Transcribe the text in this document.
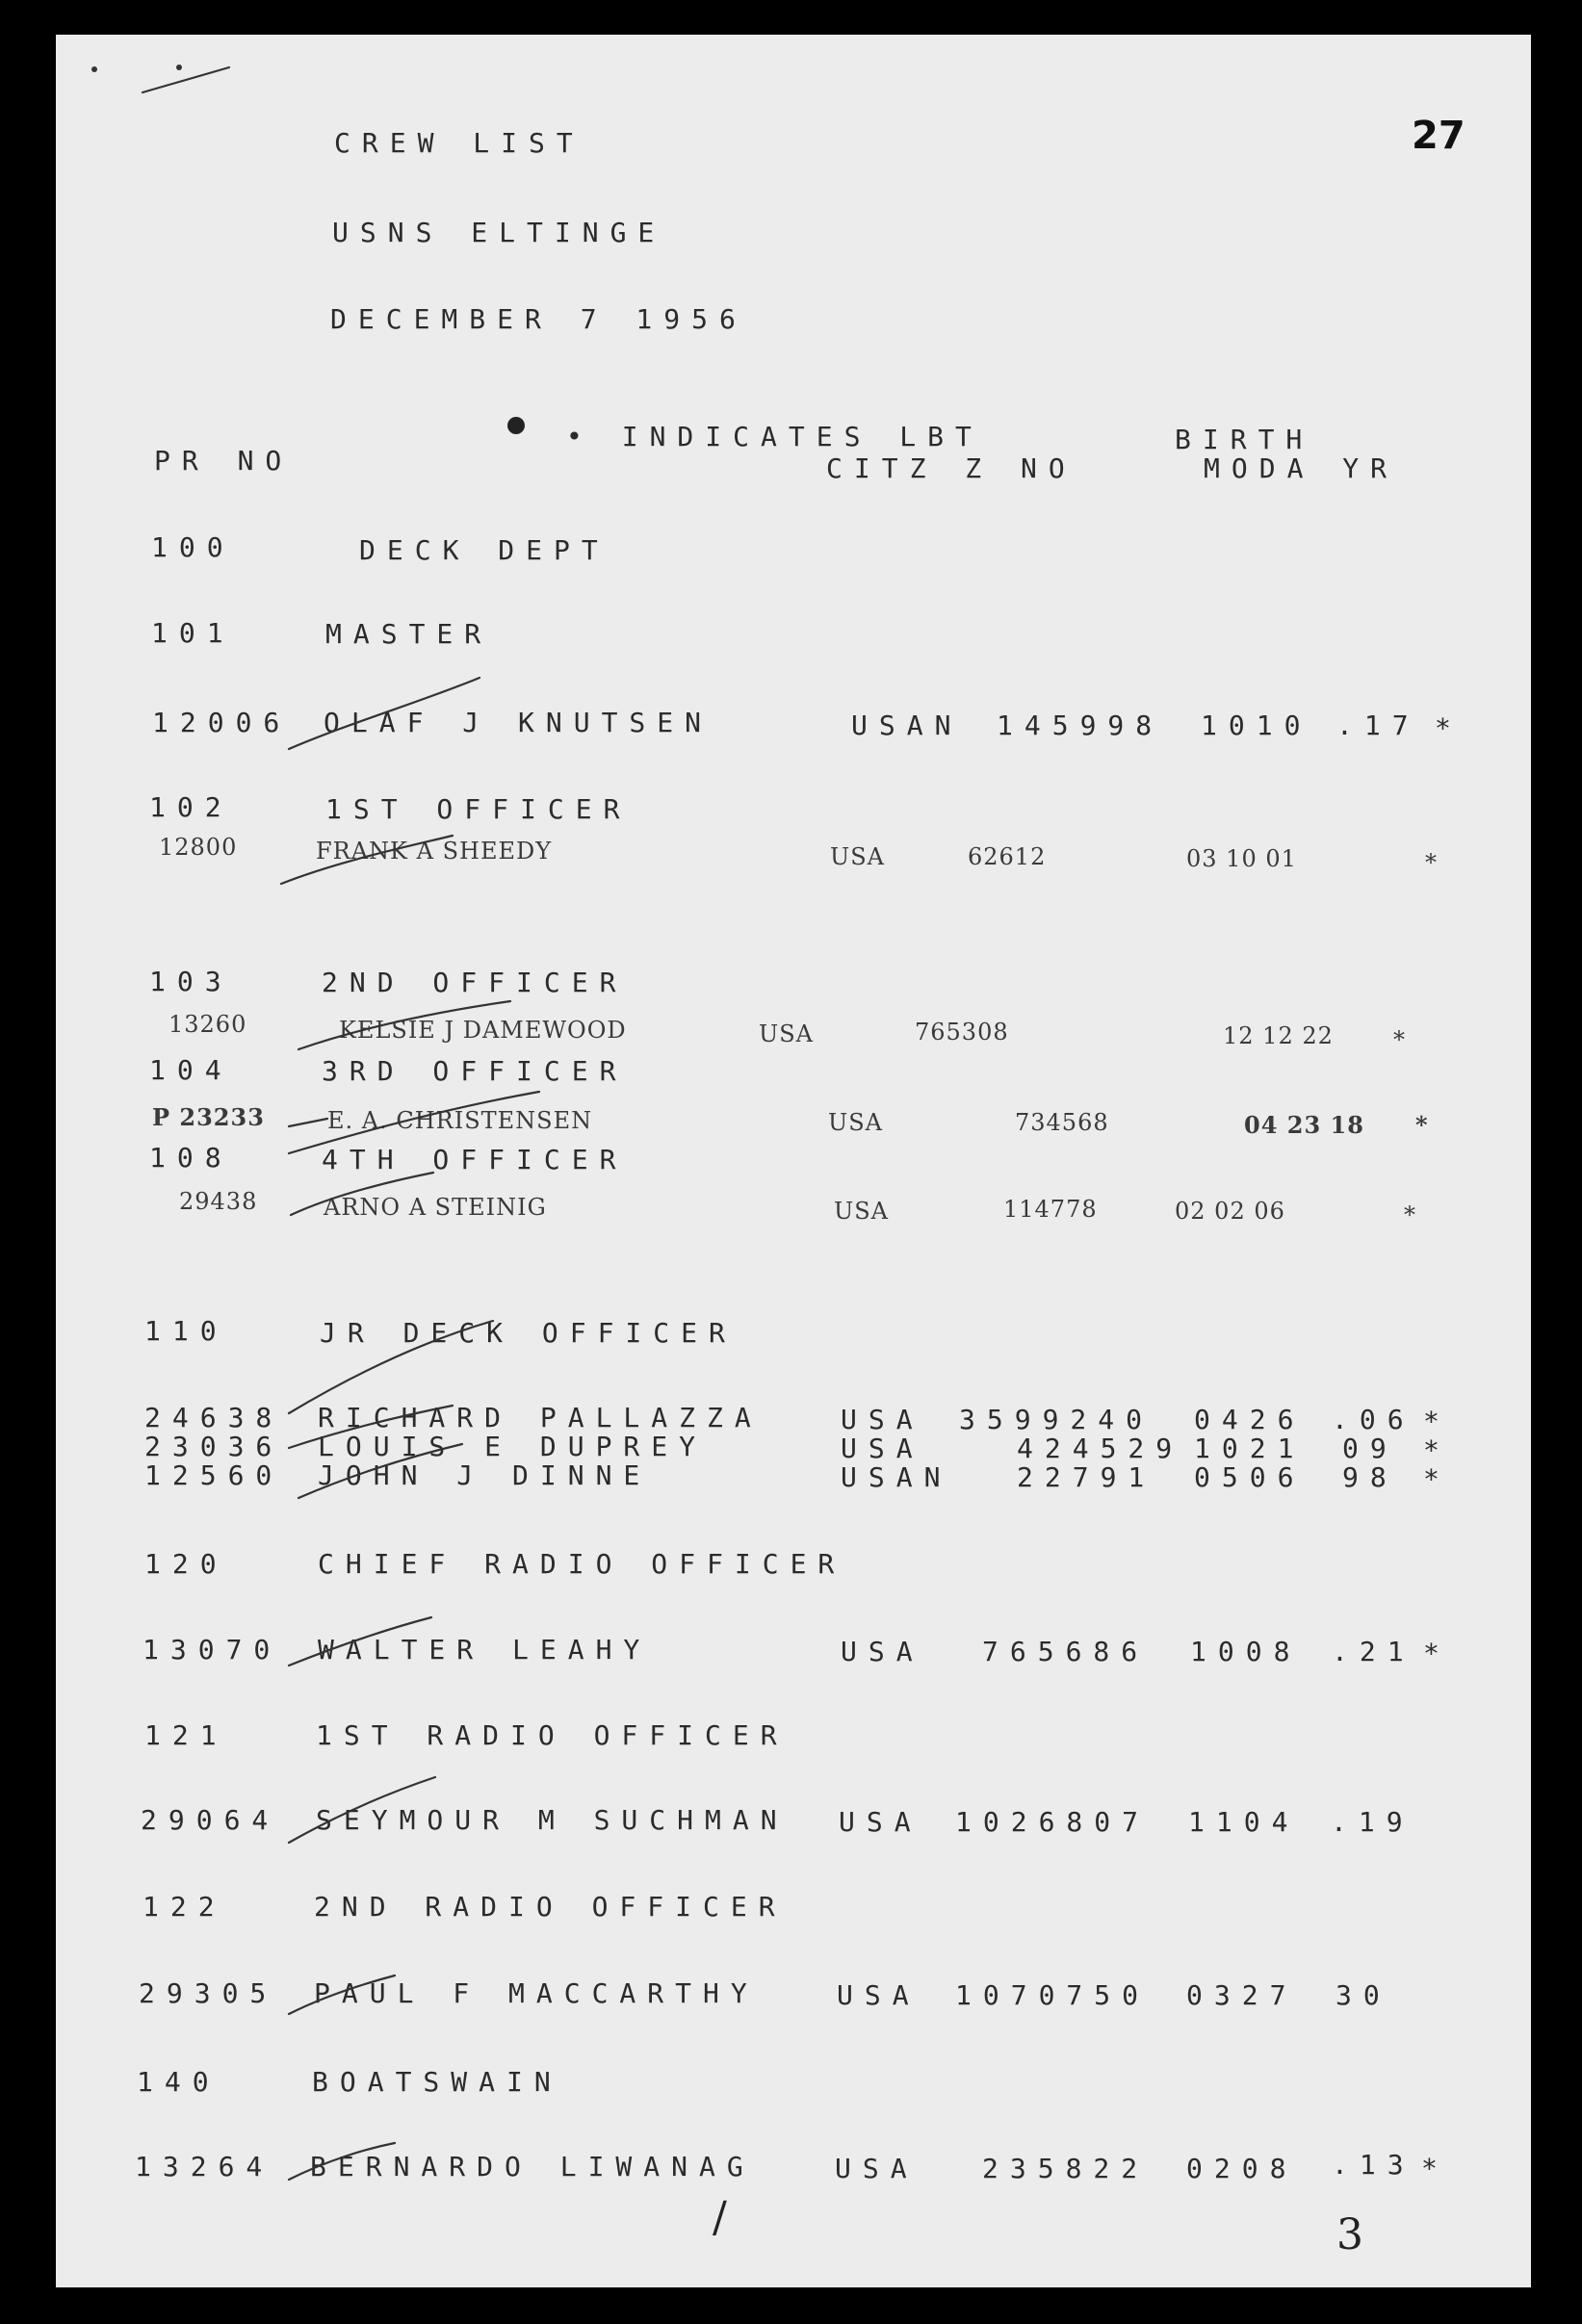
CREW LIST
USNS ELTINGE
DECEMBER 7 1956
27
PR NO
• INDICATES LBT
CITZ Z NO
BIRTH
MODA YR
100	DECK DEPT
101	MASTER
12006 OLAF J KNUTSEN	USAN 145998 1010 .17 *
102	1ST OFFICER
12800	FRANK A SHEEDY	USA	62612	03 10 01	*
103	2ND OFFICER
13260	KELSIE J DAMEWOOD	USA	765308	12 12 22	*
104	3RD OFFICER
P 23233	E. A. CHRISTENSEN	USA	734568	04 23 18 *
108	4TH OFFICER
29438	ARNO A STEINIG	USA	114778	02 02 06	*
110	JR DECK OFFICER
24638 RICHARD PALLAZZA	USA 3599240 0426 .06 *
23036 LOUIS E DUPREY	USA	424529 1021 09 *
12560 JOHN J DINNE	USAN 22791 0506 98 *
120	CHIEF RADIO OFFICER
13070 WALTER LEAHY	USA 765686 1008 .21 *
121	1ST RADIO OFFICER
29064 SEYMOUR M SUCHMAN USA 1026807 1104 .19
122	2ND RADIO OFFICER
29305 PAUL F MACCARTHY	USA 1070750 0327 30
140	BOATSWAIN
13264 BERNARDO LIWANAG	USA 235822 0208 .13 *
/	3
